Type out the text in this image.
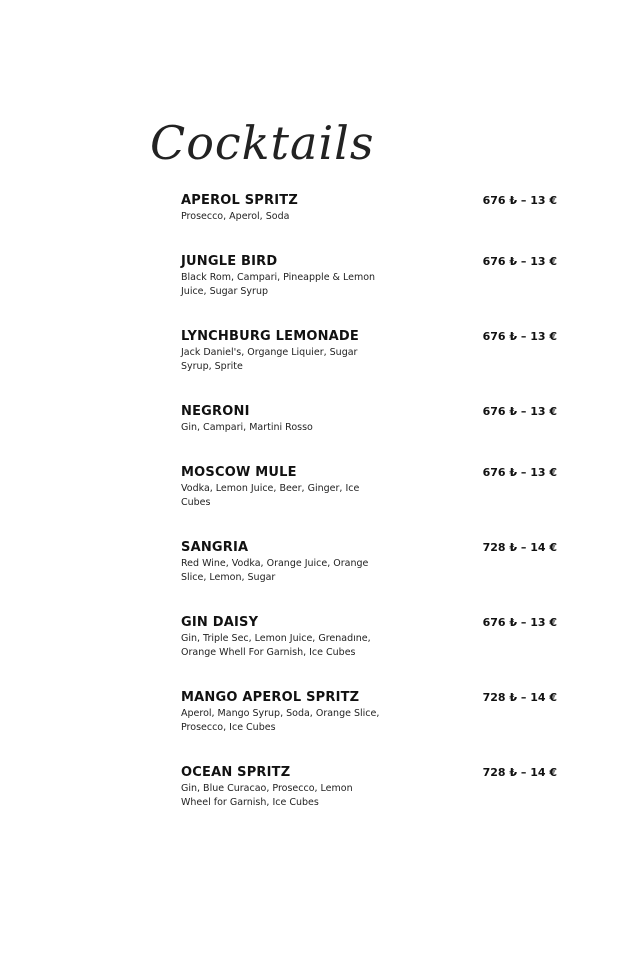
Cocktails
APEROL SPRITZ	676 ₺ – 13 €
Prosecco, Aperol, Soda
JUNGLE BIRD	676 ₺ – 13 €
Black Rom, Campari, Pineapple & Lemon Juice, Sugar Syrup
LYNCHBURG LEMONADE	676 ₺ – 13 €
Jack Daniel's, Organge Liquier, Sugar Syrup, Sprite
NEGRONI	676 ₺ – 13 €
Gin, Campari, Martini Rosso
MOSCOW MULE	676 ₺ – 13 €
Vodka, Lemon Juice, Beer, Ginger, Ice Cubes
SANGRIA	728 ₺ – 14 €
Red Wine, Vodka, Orange Juice, Orange Slice, Lemon, Sugar
GIN DAISY	676 ₺ – 13 €
Gin, Triple Sec, Lemon Juice, Grenadıne, Orange Whell For Garnish, Ice Cubes
MANGO APEROL SPRITZ	728 ₺ – 14 €
Aperol, Mango Syrup, Soda, Orange Slice, Prosecco, Ice Cubes
OCEAN SPRITZ	728 ₺ – 14 €
Gin, Blue Curacao, Prosecco, Lemon Wheel for Garnish, Ice Cubes
